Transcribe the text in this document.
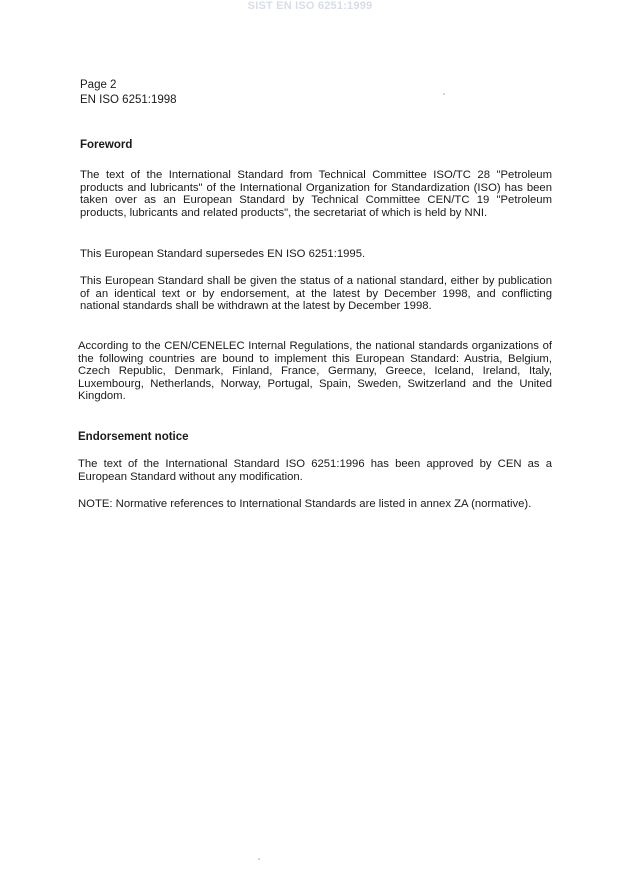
SIST EN ISO 6251:1999

Page 2

EN ISO 6251:1998

Foreword

The text of the International Standard from Technical Committee ISO/TC 28 "Petroleum products and lubricants" of the International Organization for Standardization (ISO) has been taken over as an European Standard by Technical Committee CEN/TC 19 "Petroleum products, lubricants and related products", the secretariat of which is held by NNI.

This European Standard supersedes EN ISO 6251:1995.

This European Standard shall be given the status of a national standard, either by publication of an identical text or by endorsement, at the latest by December 1998, and conflicting national standards shall be withdrawn at the latest by December 1998.

According to the CEN/CENELEC Internal Regulations, the national standards organizations of the following countries are bound to implement this European Standard: Austria, Belgium, Czech Republic, Denmark, Finland, France, Germany, Greece, Iceland, Ireland, Italy, Luxembourg, Netherlands, Norway, Portugal, Spain, Sweden, Switzerland and the United Kingdom.

Endorsement notice

The text of the International Standard ISO 6251:1996 has been approved by CEN as a European Standard without any modification.

NOTE: Normative references to International Standards are listed in annex ZA (normative).
